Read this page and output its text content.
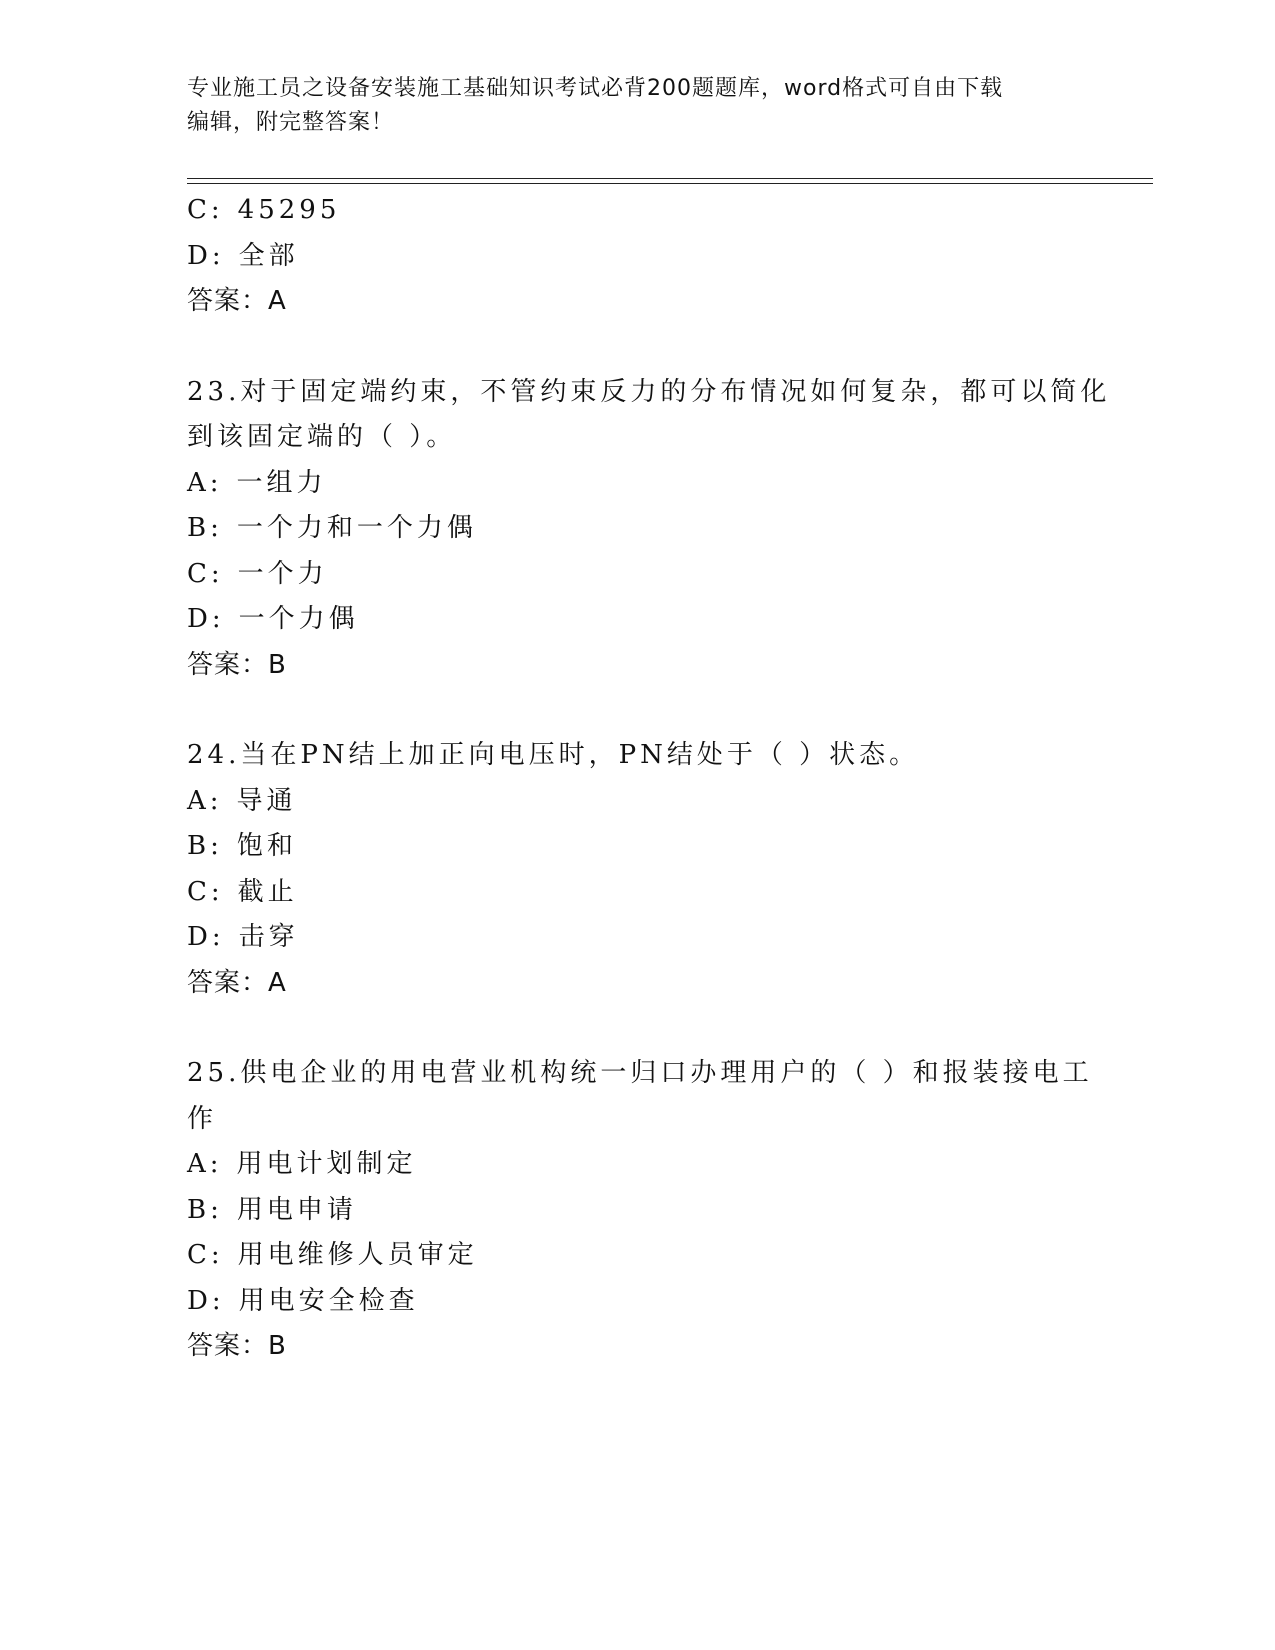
专业施工员之设备安装施工基础知识考试必背200题题库，word格式可自由下载
编辑，附完整答案！
C: 45295
D: 全部
答案：A
23.对于固定端约束，不管约束反力的分布情况如何复杂，都可以简化
到该固定端的（ ）。
A: 一组力
B: 一个力和一个力偶
C: 一个力
D: 一个力偶
答案：B
24.当在PN结上加正向电压时，PN结处于（ ）状态。
A: 导通
B: 饱和
C: 截止
D: 击穿
答案：A
25.供电企业的用电营业机构统一归口办理用户的（ ）和报装接电工
作
A: 用电计划制定
B: 用电申请
C: 用电维修人员审定
D: 用电安全检查
答案：B
